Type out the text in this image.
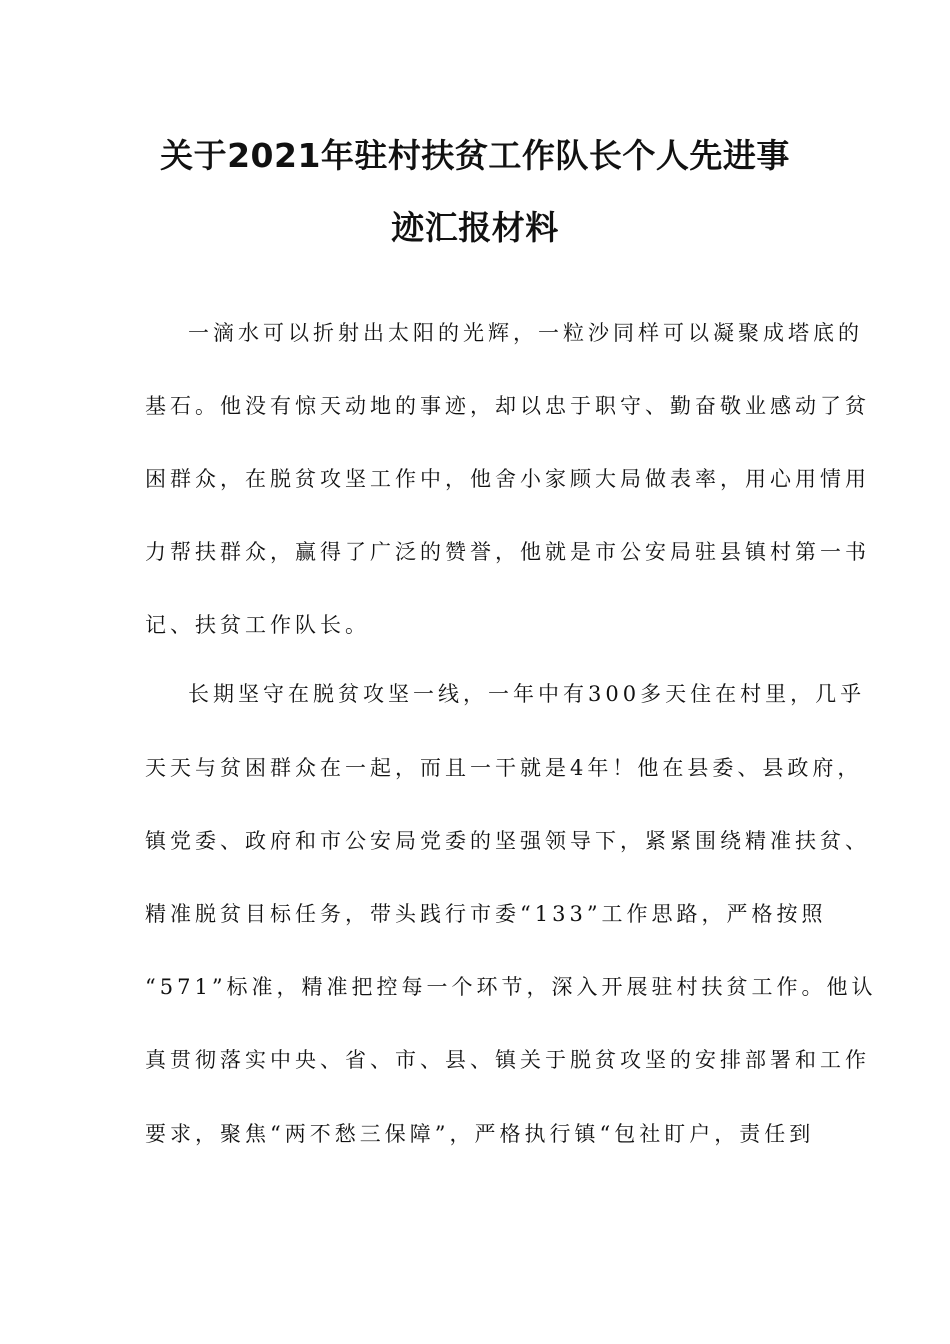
关于2021年驻村扶贫工作队长个人先进事
迹汇报材料
一滴水可以折射出太阳的光辉，一粒沙同样可以凝聚成塔底的
基石。他没有惊天动地的事迹，却以忠于职守、勤奋敬业感动了贫
困群众，在脱贫攻坚工作中，他舍小家顾大局做表率，用心用情用
力帮扶群众，赢得了广泛的赞誉，他就是市公安局驻县镇村第一书
记、扶贫工作队长。
长期坚守在脱贫攻坚一线，一年中有300多天住在村里，几乎
天天与贫困群众在一起，而且一干就是4年！他在县委、县政府，
镇党委、政府和市公安局党委的坚强领导下，紧紧围绕精准扶贫、
精准脱贫目标任务，带头践行市委“133”工作思路，严格按照
“571”标准，精准把控每一个环节，深入开展驻村扶贫工作。他认
真贯彻落实中央、省、市、县、镇关于脱贫攻坚的安排部署和工作
要求，聚焦“两不愁三保障”，严格执行镇“包社盯户，责任到
